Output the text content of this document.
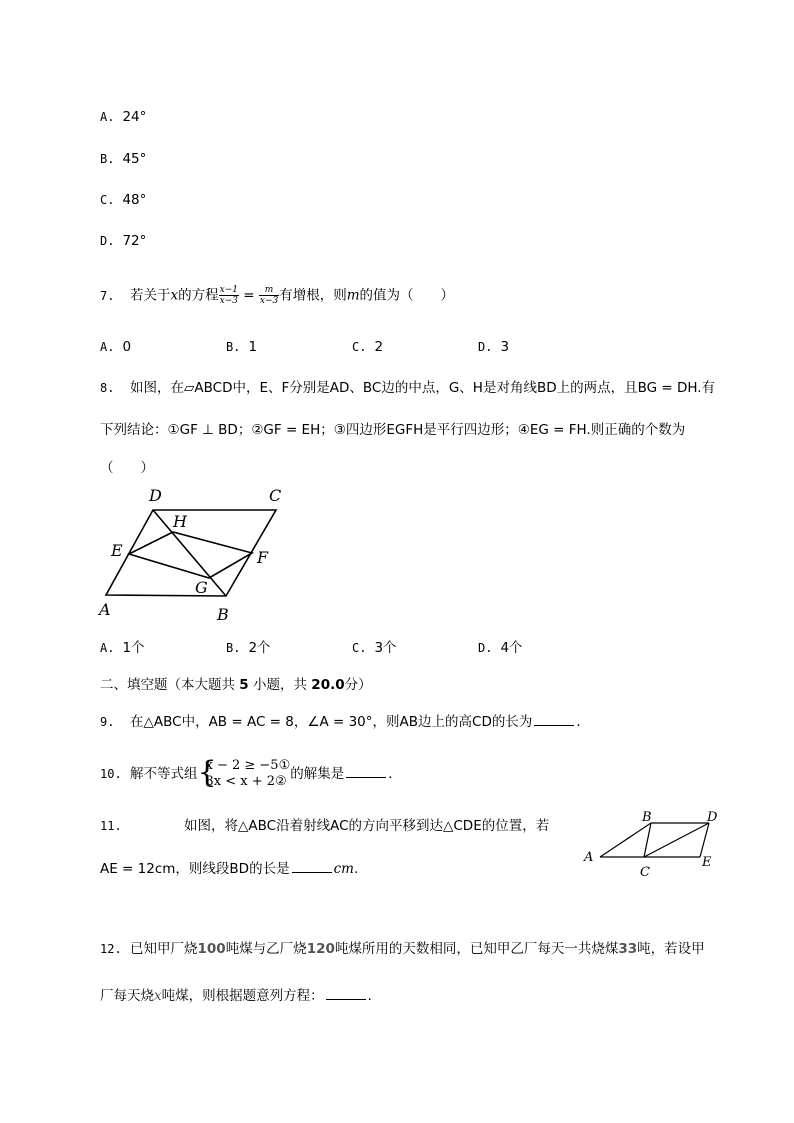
A. 24°
B. 45°
C. 48°
D. 72°
7. 若关于x的方程 $\frac{x-1}{x-3} = \frac{m}{x-3}$ 有增根，则m的值为（　　）
A. 0	B. 1	C. 2	D. 3
8. 如图，在▱ABCD中，E、F分别是AD、BC边的中点，G、H是对角线BD上的两点，且BG = DH.有
下列结论：①GF ⊥ BD；②GF = EH；③四边形EGFH是平行四边形；④EG = FH.则正确的个数为
（　　）
D	C
H
E	F
G
A	B
A. 1个	B. 2个	C. 3个	D. 4个
二、填空题（本大题共 5 小题，共 20.0分）
9. 在△ABC中，AB = AC = 8，∠A = 30°，则AB边上的高CD的长为	．
10. 解不等式组 {
x − 2 ≥ −5①
3x < x + 2② 的解集是	．
11.	如图，将△ABC沿着射线AC的方向平移到达△CDE的位置，若
AE = 12cm，则线段BD的长是	cm.
B	D
A
C
E
12. 已知甲厂烧100吨煤与乙厂烧120吨煤所用的天数相同，已知甲乙厂每天一共烧煤33吨，若设甲
厂每天烧x吨煤，则根据题意列方程：	．
